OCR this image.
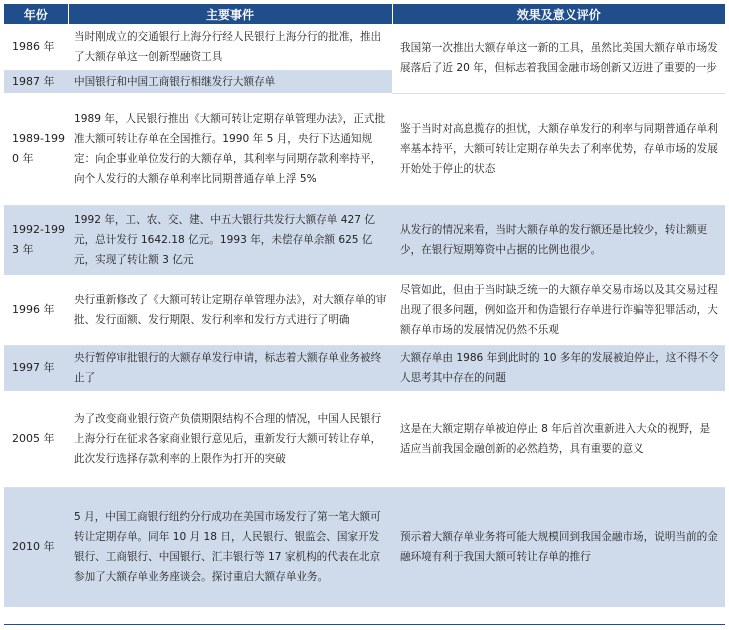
年份	主要事件	效果及意义评价
1986 年	当时刚成立的交通银行上海分行经人民银行上海分行的批准，推出了大额存单这一创新型融资工具	我国第一次推出大额存单这一新的工具，虽然比美国大额存单市场发展落后了近 20 年，但标志着我国金融市场创新又迈进了重要的一步
1987 年	中国银行和中国工商银行相继发行大额存单	
1989-1990 年	1989 年，人民银行推出《大额可转让定期存单管理办法》，正式批准大额可转让存单在全国推行。1990 年 5 月，央行下达通知规定：向企事业单位发行的大额存单，其利率与同期存款利率持平，向个人发行的大额存单利率比同期普通存单上浮 5%	鉴于当时对高息揽存的担忧，大额存单发行的利率与同期普通存单利率基本持平，大额可转让定期存单失去了利率优势，存单市场的发展开始处于停止的状态
1992-1993 年	1992 年，工、农、交、建、中五大银行共发行大额存单 427 亿元，总计发行 1642.18 亿元。1993 年，未偿存单余额 625 亿元，实现了转让额 3 亿元	从发行的情况来看，当时大额存单的发行额还是比较少，转让额更少，在银行短期筹资中占据的比例也很少。
1996 年	央行重新修改了《大额可转让定期存单管理办法》，对大额存单的审批、发行面额、发行期限、发行利率和发行方式进行了明确	尽管如此，但由于当时缺乏统一的大额存单交易市场以及其交易过程出现了很多问题，例如盗开和伪造银行存单进行诈骗等犯罪活动，大额存单市场的发展情况仍然不乐观
1997 年	央行暂停审批银行的大额存单发行申请，标志着大额存单业务被终止了	大额存单由 1986 年到此时的 10 多年的发展被迫停止，这不得不令人思考其中存在的问题
2005 年	为了改变商业银行资产负债期限结构不合理的情况，中国人民银行上海分行在征求各家商业银行意见后，重新发行大额可转让存单，此次发行选择存款利率的上限作为打开的突破	这是在大额定期存单被迫停止 8 年后首次重新进入大众的视野，是适应当前我国金融创新的必然趋势，具有重要的意义
2010 年	5 月，中国工商银行纽约分行成功在美国市场发行了第一笔大额可转让定期存单。同年 10 月 18 日，人民银行、银监会、国家开发银行、工商银行、中国银行、汇丰银行等 17 家机构的代表在北京参加了大额存单业务座谈会。探讨重启大额存单业务。	预示着大额存单业务将可能大规模回到我国金融市场，说明当前的金融环境有利于我国大额可转让存单的推行
